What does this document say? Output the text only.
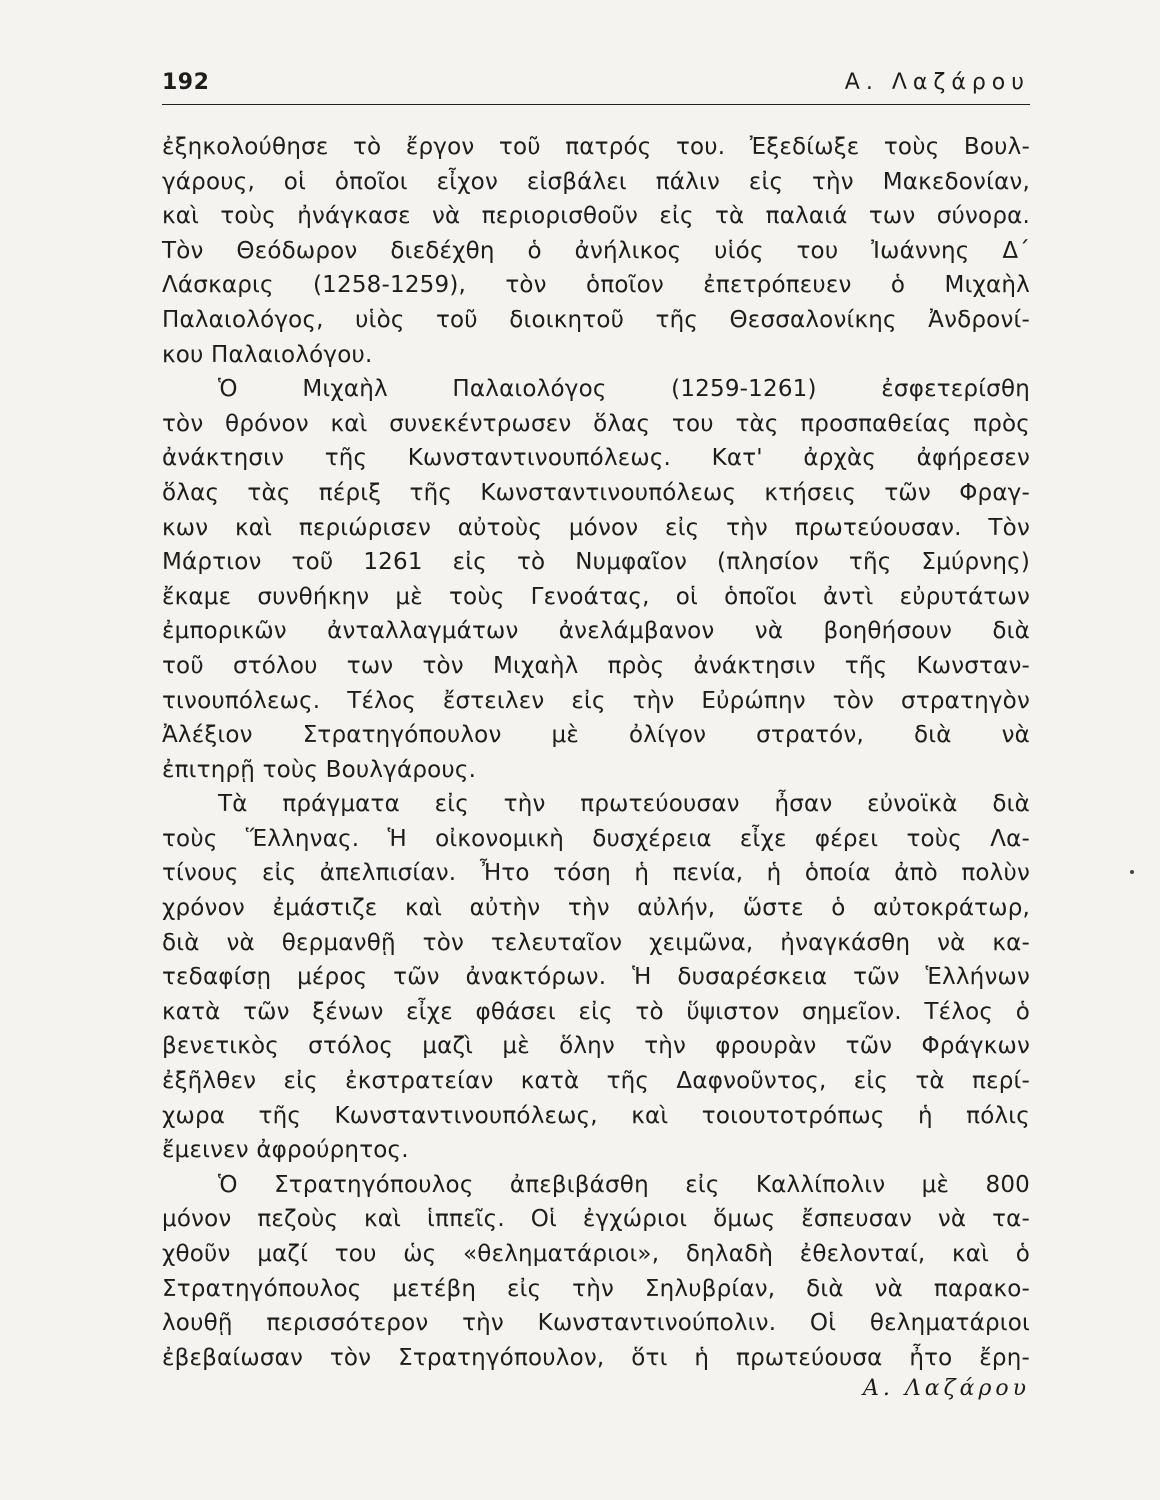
192	Α. Λαζάρου
ἐξηκολούθησε τὸ ἔργον τοῦ πατρός του. Ἐξεδίωξε τοὺς Βουλ-
γάρους, οἱ ὁποῖοι εἶχον εἰσβάλει πάλιν εἰς τὴν Μακεδονίαν,
καὶ τοὺς ἠνάγκασε νὰ περιορισθοῦν εἰς τὰ παλαιά των σύνορα.
Τὸν Θεόδωρον διεδέχθη ὁ ἀνήλικος υἱός του Ἰωάννης Δ΄
Λάσκαρις (1258-1259), τὸν ὁποῖον ἐπετρόπευεν ὁ Μιχαὴλ
Παλαιολόγος, υἱὸς τοῦ διοικητοῦ τῆς Θεσσαλονίκης Ἀνδρονί-
κου Παλαιολόγου.
Ὁ Μιχαὴλ Παλαιολόγος (1259-1261) ἐσφετερίσθη
τὸν θρόνον καὶ συνεκέντρωσεν ὅλας του τὰς προσπαθείας πρὸς
ἀνάκτησιν τῆς Κωνσταντινουπόλεως. Κατ' ἀρχὰς ἀφήρεσεν
ὅλας τὰς πέριξ τῆς Κωνσταντινουπόλεως κτήσεις τῶν Φραγ-
κων καὶ περιώρισεν αὐτοὺς μόνον εἰς τὴν πρωτεύουσαν. Τὸν
Μάρτιον τοῦ 1261 εἰς τὸ Νυμφαῖον (πλησίον τῆς Σμύρνης)
ἔκαμε συνθήκην μὲ τοὺς Γενοάτας, οἱ ὁποῖοι ἀντὶ εὐρυτάτων
ἐμπορικῶν ἀνταλλαγμάτων ἀνελάμβανον νὰ βοηθήσουν διὰ
τοῦ στόλου των τὸν Μιχαὴλ πρὸς ἀνάκτησιν τῆς Κωνσταν-
τινουπόλεως. Τέλος ἔστειλεν εἰς τὴν Εὐρώπην τὸν στρατηγὸν
Ἀλέξιον Στρατηγόπουλον μὲ ὀλίγον στρατόν, διὰ νὰ
ἐπιτηρῇ τοὺς Βουλγάρους.
Τὰ πράγματα εἰς τὴν πρωτεύουσαν ἦσαν εὐνοϊκὰ διὰ
τοὺς Ἕλληνας. Ἡ οἰκονομικὴ δυσχέρεια εἶχε φέρει τοὺς Λα-
τίνους εἰς ἀπελπισίαν. Ἦτο τόση ἡ πενία, ἡ ὁποία ἀπὸ πολὺν
χρόνον ἐμάστιζε καὶ αὐτὴν τὴν αὐλήν, ὥστε ὁ αὐτοκράτωρ,
διὰ νὰ θερμανθῇ τὸν τελευταῖον χειμῶνα, ἠναγκάσθη νὰ κα-
τεδαφίσῃ μέρος τῶν ἀνακτόρων. Ἡ δυσαρέσκεια τῶν Ἑλλήνων
κατὰ τῶν ξένων εἶχε φθάσει εἰς τὸ ὕψιστον σημεῖον. Τέλος ὁ
βενετικὸς στόλος μαζὶ μὲ ὅλην τὴν φρουρὰν τῶν Φράγκων
ἐξῆλθεν εἰς ἐκστρατείαν κατὰ τῆς Δαφνοῦντος, εἰς τὰ περί-
χωρα τῆς Κωνσταντινουπόλεως, καὶ τοιουτοτρόπως ἡ πόλις
ἔμεινεν ἀφρούρητος.
Ὁ Στρατηγόπουλος ἀπεβιβάσθη εἰς Καλλίπολιν μὲ 800
μόνον πεζοὺς καὶ ἱππεῖς. Οἱ ἐγχώριοι ὅμως ἔσπευσαν νὰ τα-
χθοῦν μαζί του ὡς «θεληματάριοι», δηλαδὴ ἐθελονταί, καὶ ὁ
Στρατηγόπουλος μετέβη εἰς τὴν Σηλυβρίαν, διὰ νὰ παρακο-
λουθῇ περισσότερον τὴν Κωνσταντινούπολιν. Οἱ θεληματάριοι
ἐβεβαίωσαν τὸν Στρατηγόπουλον, ὅτι ἡ πρωτεύουσα ἦτο ἔρη-
Α. Λαζάρου
